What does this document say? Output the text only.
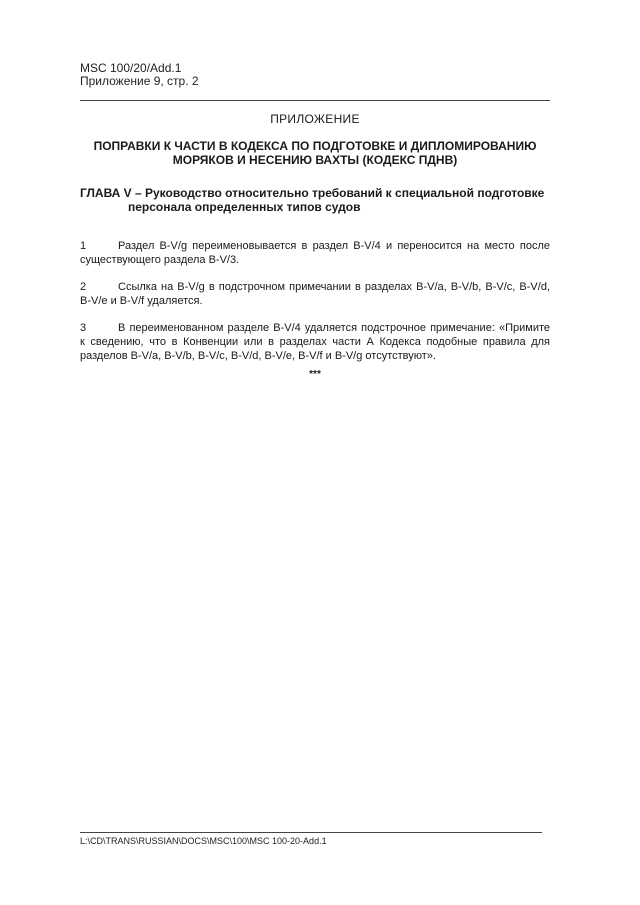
MSC 100/20/Add.1
Приложение 9, стр. 2
ПРИЛОЖЕНИЕ
ПОПРАВКИ К ЧАСТИ В КОДЕКСА ПО ПОДГОТОВКЕ И ДИПЛОМИРОВАНИЮ
МОРЯКОВ И НЕСЕНИЮ ВАХТЫ (КОДЕКС ПДНВ)
ГЛАВА V – Руководство относительно требований к специальной подготовке
персонала определенных типов судов
1	Раздел B-V/g переименовывается в раздел B-V/4 и переносится на место после существующего раздела B-V/3.
2	Ссылка на B-V/g в подстрочном примечании в разделах B-V/a, B-V/b, B-V/c, B-V/d, B-V/e и B-V/f удаляется.
3	В переименованном разделе B-V/4 удаляется подстрочное примечание: «Примите к сведению, что в Конвенции или в разделах части А Кодекса подобные правила для разделов B-V/a, B-V/b, B-V/c, B-V/d, B-V/e, B-V/f и B-V/g отсутствуют».
***
L:\CD\TRANS\RUSSIAN\DOCS\MSC\100\MSC 100-20-Add.1
